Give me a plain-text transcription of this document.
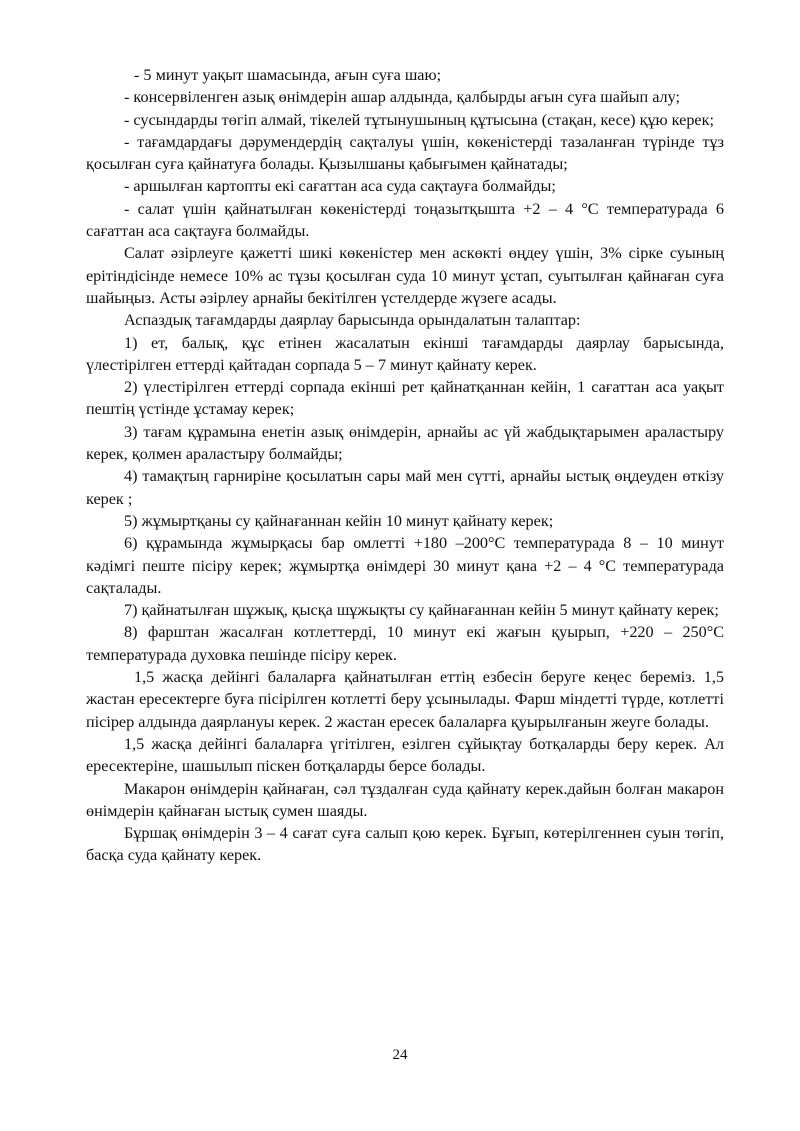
- 5 минут уақыт шамасында, ағын суға шаю;

- консервіленген азық өнімдерін ашар алдында, қалбырды ағын суға шайып алу;

- сусындарды төгіп алмай, тікелей тұтынушының құтысына (стақан, кесе) құю керек;

- тағамдардағы дәрумендердің сақталуы үшін, көкеністерді тазаланған түрінде тұз қосылған суға қайнатуға болады. Қызылшаны қабығымен қайнатады;

- аршылған картопты екі сағаттан аса суда сақтауға болмайды;

- салат үшін қайнатылған көкеністерді тоңазытқышта +2 – 4 °С температурада 6 сағаттан аса сақтауға болмайды.

Салат әзірлеуге қажетті шикі көкеністер мен аскөкті өңдеу үшін, 3% сірке суының ерітіндісінде немесе 10% ас тұзы қосылған суда 10 минут ұстап, суытылған қайнаған суға шайыңыз. Асты әзірлеу арнайы бекітілген үстелдерде жүзеге асады.

Аспаздық тағамдарды даярлау барысында орындалатын талаптар:

1) ет, балық, құс етінен жасалатын екінші тағамдарды даярлау барысында, үлестірілген еттерді қайтадан сорпада 5 – 7 минут қайнату керек.

2) үлестірілген еттерді сорпада екінші рет қайнатқаннан кейін, 1 сағаттан аса уақыт пештің үстінде ұстамау керек;

3) тағам құрамына енетін азық өнімдерін, арнайы ас үй жабдықтарымен араластыру керек, қолмен араластыру болмайды;

4) тамақтың гарниріне қосылатын сары май мен сүтті, арнайы ыстық өңдеуден өткізу керек ;

5) жұмыртқаны су қайнағаннан кейін 10 минут қайнату керек;

6) құрамында жұмырқасы бар омлетті +180 –200°С температурада 8 – 10 минут кәдімгі пеште пісіру керек; жұмыртқа өнімдері 30 минут қана +2 – 4 °С температурада сақталады.

7) қайнатылған шұжық, қысқа шұжықты су қайнағаннан кейін 5 минут қайнату керек;

8) фарштан жасалған котлеттерді, 10 минут екі жағын қуырып, +220 – 250°С температурада духовка пешінде пісіру керек.

1,5 жасқа дейінгі балаларға қайнатылған еттің езбесін беруге кеңес береміз. 1,5 жастан ересектерге буға пісірілген котлетті беру ұсынылады. Фарш міндетті түрде, котлетті пісірер алдында даярлануы керек. 2 жастан ересек балаларға қуырылғанын жеуге болады.

1,5 жасқа дейінгі балаларға үгітілген, езілген сұйықтау ботқаларды беру керек. Ал ересектеріне, шашылып піскен ботқаларды берсе болады.

Макарон өнімдерін қайнаған, сәл тұздалған суда қайнату керек.дайын болған макарон өнімдерін қайнаған ыстық сумен шаяды.

Бұршақ өнімдерін 3 – 4 сағат суға салып қою керек. Бұғып, көтерілгеннен суын төгіп, басқа суда қайнату керек.

24
